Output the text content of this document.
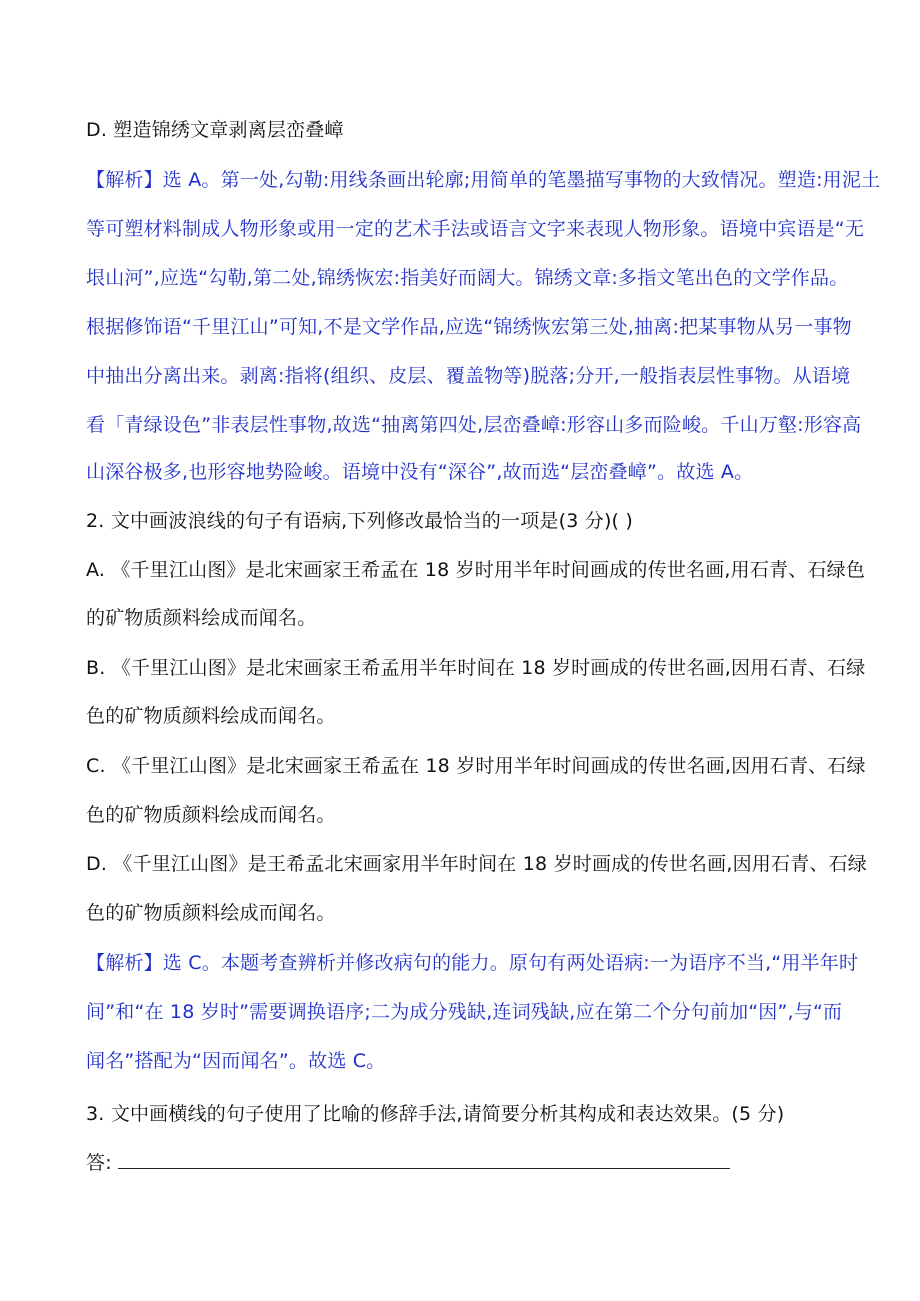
D. 塑造锦绣文章剥离层峦叠嶂
【解析】选 A。第一处,勾勒:用线条画出轮廓;用简单的笔墨描写事物的大致情况。塑造:用泥土
等可塑材料制成人物形象或用一定的艺术手法或语言文字来表现人物形象。语境中宾语是“无
垠山河”,应选“勾勒,第二处,锦绣恢宏:指美好而阔大。锦绣文章:多指文笔出色的文学作品。
根据修饰语“千里江山”可知,不是文学作品,应选“锦绣恢宏第三处,抽离:把某事物从另一事物
中抽出分离出来。剥离:指将(组织、皮层、覆盖物等)脱落;分开,一般指表层性事物。从语境
看「青绿设色”非表层性事物,故选“抽离第四处,层峦叠嶂:形容山多而险峻。千山万壑:形容高
山深谷极多,也形容地势险峻。语境中没有“深谷”,故而选“层峦叠嶂”。故选 A。
2. 文中画波浪线的句子有语病,下列修改最恰当的一项是(3 分)( )
A. 《千里江山图》是北宋画家王希孟在 18 岁时用半年时间画成的传世名画,用石青、石绿色
的矿物质颜料绘成而闻名。
B. 《千里江山图》是北宋画家王希孟用半年时间在 18 岁时画成的传世名画,因用石青、石绿
色的矿物质颜料绘成而闻名。
C. 《千里江山图》是北宋画家王希孟在 18 岁时用半年时间画成的传世名画,因用石青、石绿
色的矿物质颜料绘成而闻名。
D. 《千里江山图》是王希孟北宋画家用半年时间在 18 岁时画成的传世名画,因用石青、石绿
色的矿物质颜料绘成而闻名。
【解析】选 C。本题考查辨析并修改病句的能力。原句有两处语病:一为语序不当,“用半年时
间”和“在 18 岁时”需要调换语序;二为成分残缺,连词残缺,应在第二个分句前加“因”,与“而
闻名”搭配为“因而闻名”。故选 C。
3. 文中画横线的句子使用了比喻的修辞手法,请简要分析其构成和表达效果。(5 分)
答:
